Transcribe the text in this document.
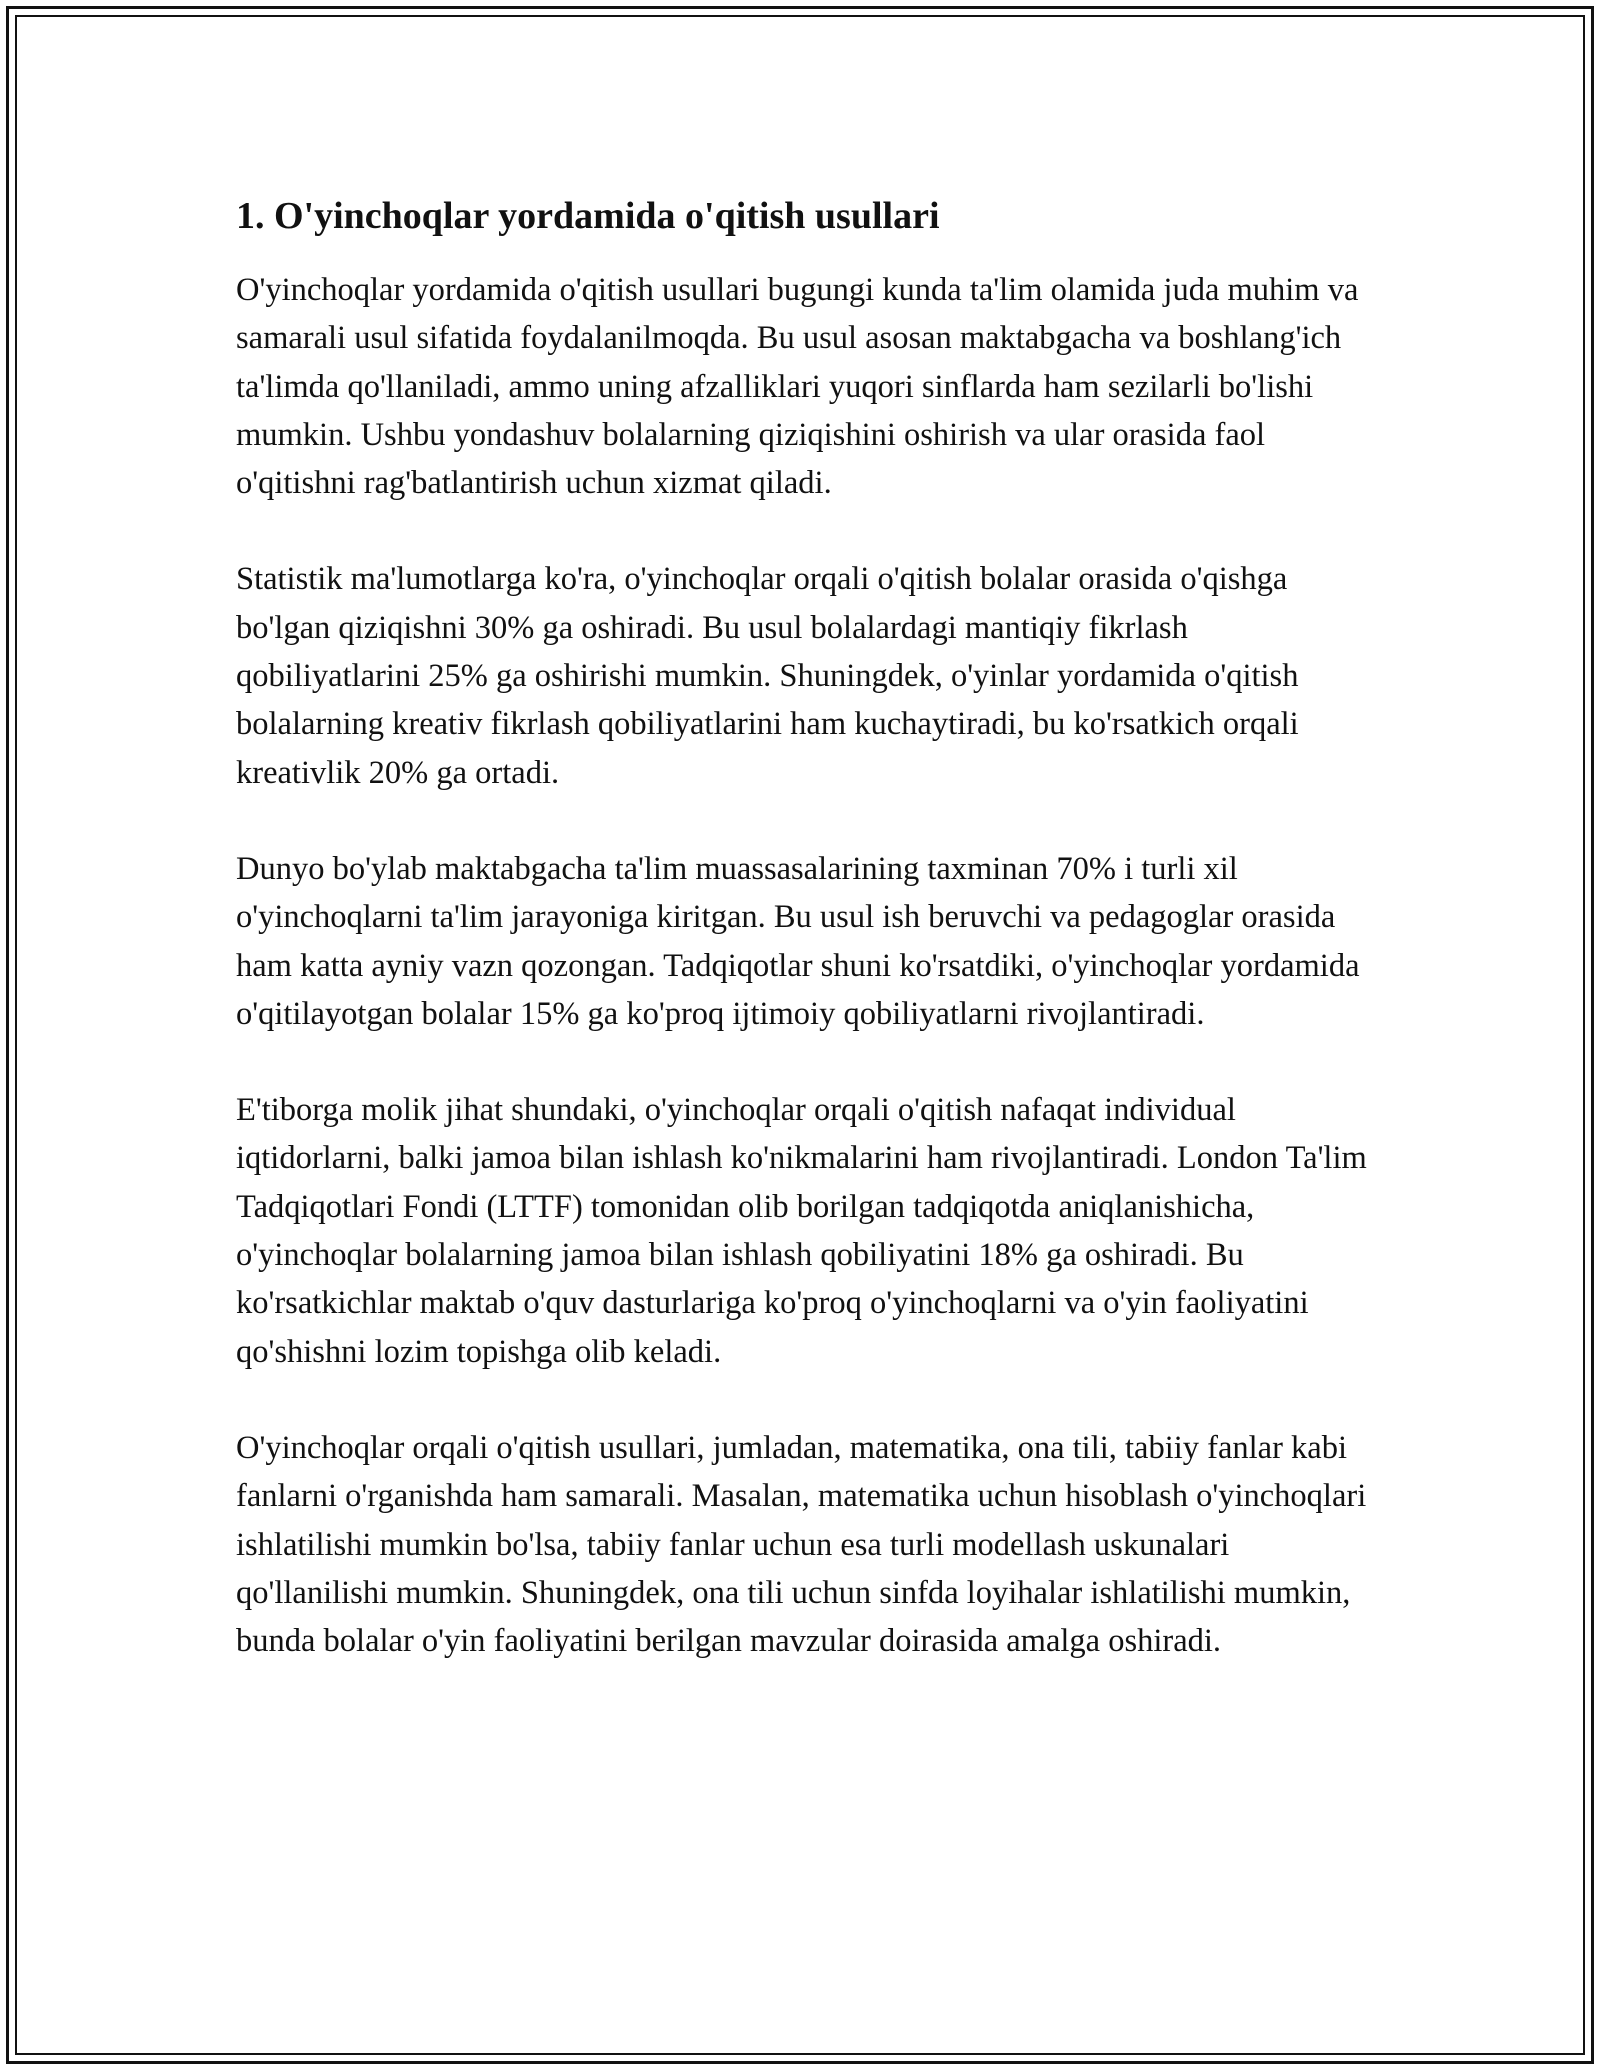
1. O'yinchoqlar yordamida o'qitish usullari

O'yinchoqlar yordamida o'qitish usullari bugungi kunda ta'lim olamida juda muhim va samarali usul sifatida foydalanilmoqda. Bu usul asosan maktabgacha va boshlang'ich ta'limda qo'llaniladi, ammo uning afzalliklari yuqori sinflarda ham sezilarli bo'lishi mumkin. Ushbu yondashuv bolalarning qiziqishini oshirish va ular orasida faol o'qitishni rag'batlantirish uchun xizmat qiladi.

Statistik ma'lumotlarga ko'ra, o'yinchoqlar orqali o'qitish bolalar orasida o'qishga bo'lgan qiziqishni 30% ga oshiradi. Bu usul bolalardagi mantiqiy fikrlash qobiliyatlarini 25% ga oshirishi mumkin. Shuningdek, o'yinlar yordamida o'qitish bolalarning kreativ fikrlash qobiliyatlarini ham kuchaytiradi, bu ko'rsatkich orqali kreativlik 20% ga ortadi.

Dunyo bo'ylab maktabgacha ta'lim muassasalarining taxminan 70% i turli xil o'yinchoqlarni ta'lim jarayoniga kiritgan. Bu usul ish beruvchi va pedagoglar orasida ham katta ayniy vazn qozongan. Tadqiqotlar shuni ko'rsatdiki, o'yinchoqlar yordamida o'qitilayotgan bolalar 15% ga ko'proq ijtimoiy qobiliyatlarni rivojlantiradi.

E'tiborga molik jihat shundaki, o'yinchoqlar orqali o'qitish nafaqat individual iqtidorlarni, balki jamoa bilan ishlash ko'nikmalarini ham rivojlantiradi. London Ta'lim Tadqiqotlari Fondi (LTTF) tomonidan olib borilgan tadqiqotda aniqlanishicha, o'yinchoqlar bolalarning jamoa bilan ishlash qobiliyatini 18% ga oshiradi. Bu ko'rsatkichlar maktab o'quv dasturlariga ko'proq o'yinchoqlarni va o'yin faoliyatini qo'shishni lozim topishga olib keladi.

O'yinchoqlar orqali o'qitish usullari, jumladan, matematika, ona tili, tabiiy fanlar kabi fanlarni o'rganishda ham samarali. Masalan, matematika uchun hisoblash o'yinchoqlari ishlatilishi mumkin bo'lsa, tabiiy fanlar uchun esa turli modellash uskunalari qo'llanilishi mumkin. Shuningdek, ona tili uchun sinfda loyihalar ishlatilishi mumkin, bunda bolalar o'yin faoliyatini berilgan mavzular doirasida amalga oshiradi.
